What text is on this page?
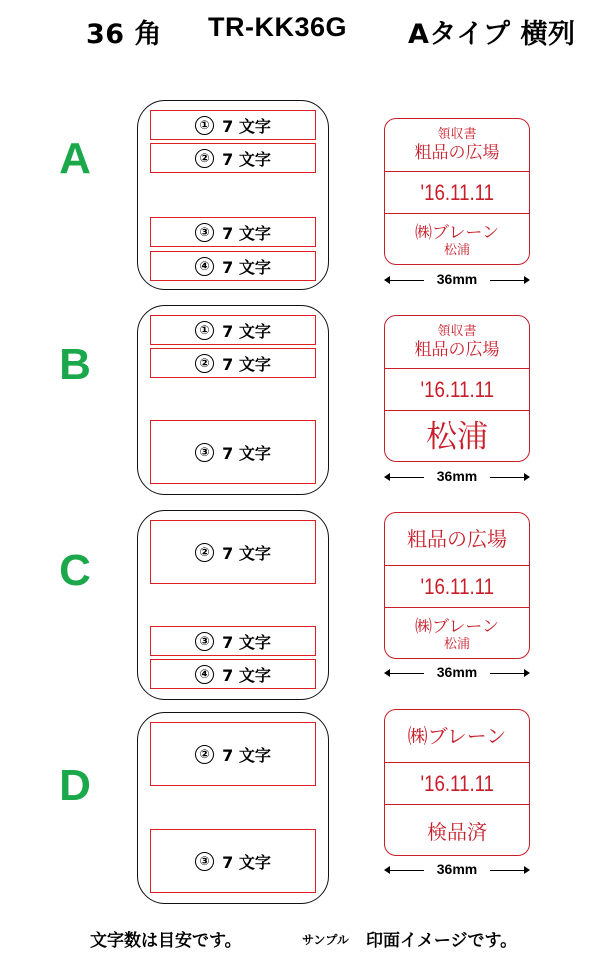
36 角 TR-KK36G Aタイプ 横列
A
① 7 文字
② 7 文字
③ 7 文字
④ 7 文字
領収書
粗品の広場
'16.11.11
㈱ブレーン
松浦
36mm
B
① 7 文字
② 7 文字
③ 7 文字
領収書
粗品の広場
'16.11.11
松浦
36mm
C	② 7 文字
③ 7 文字
④ 7 文字
粗品の広場
'16.11.11
㈱ブレーン
松浦
36mm
D
② 7 文字
③ 7 文字
㈱ブレーン
'16.11.11
検品済
36mm
文字数は目安です。	サンプル 印面イメージです。
